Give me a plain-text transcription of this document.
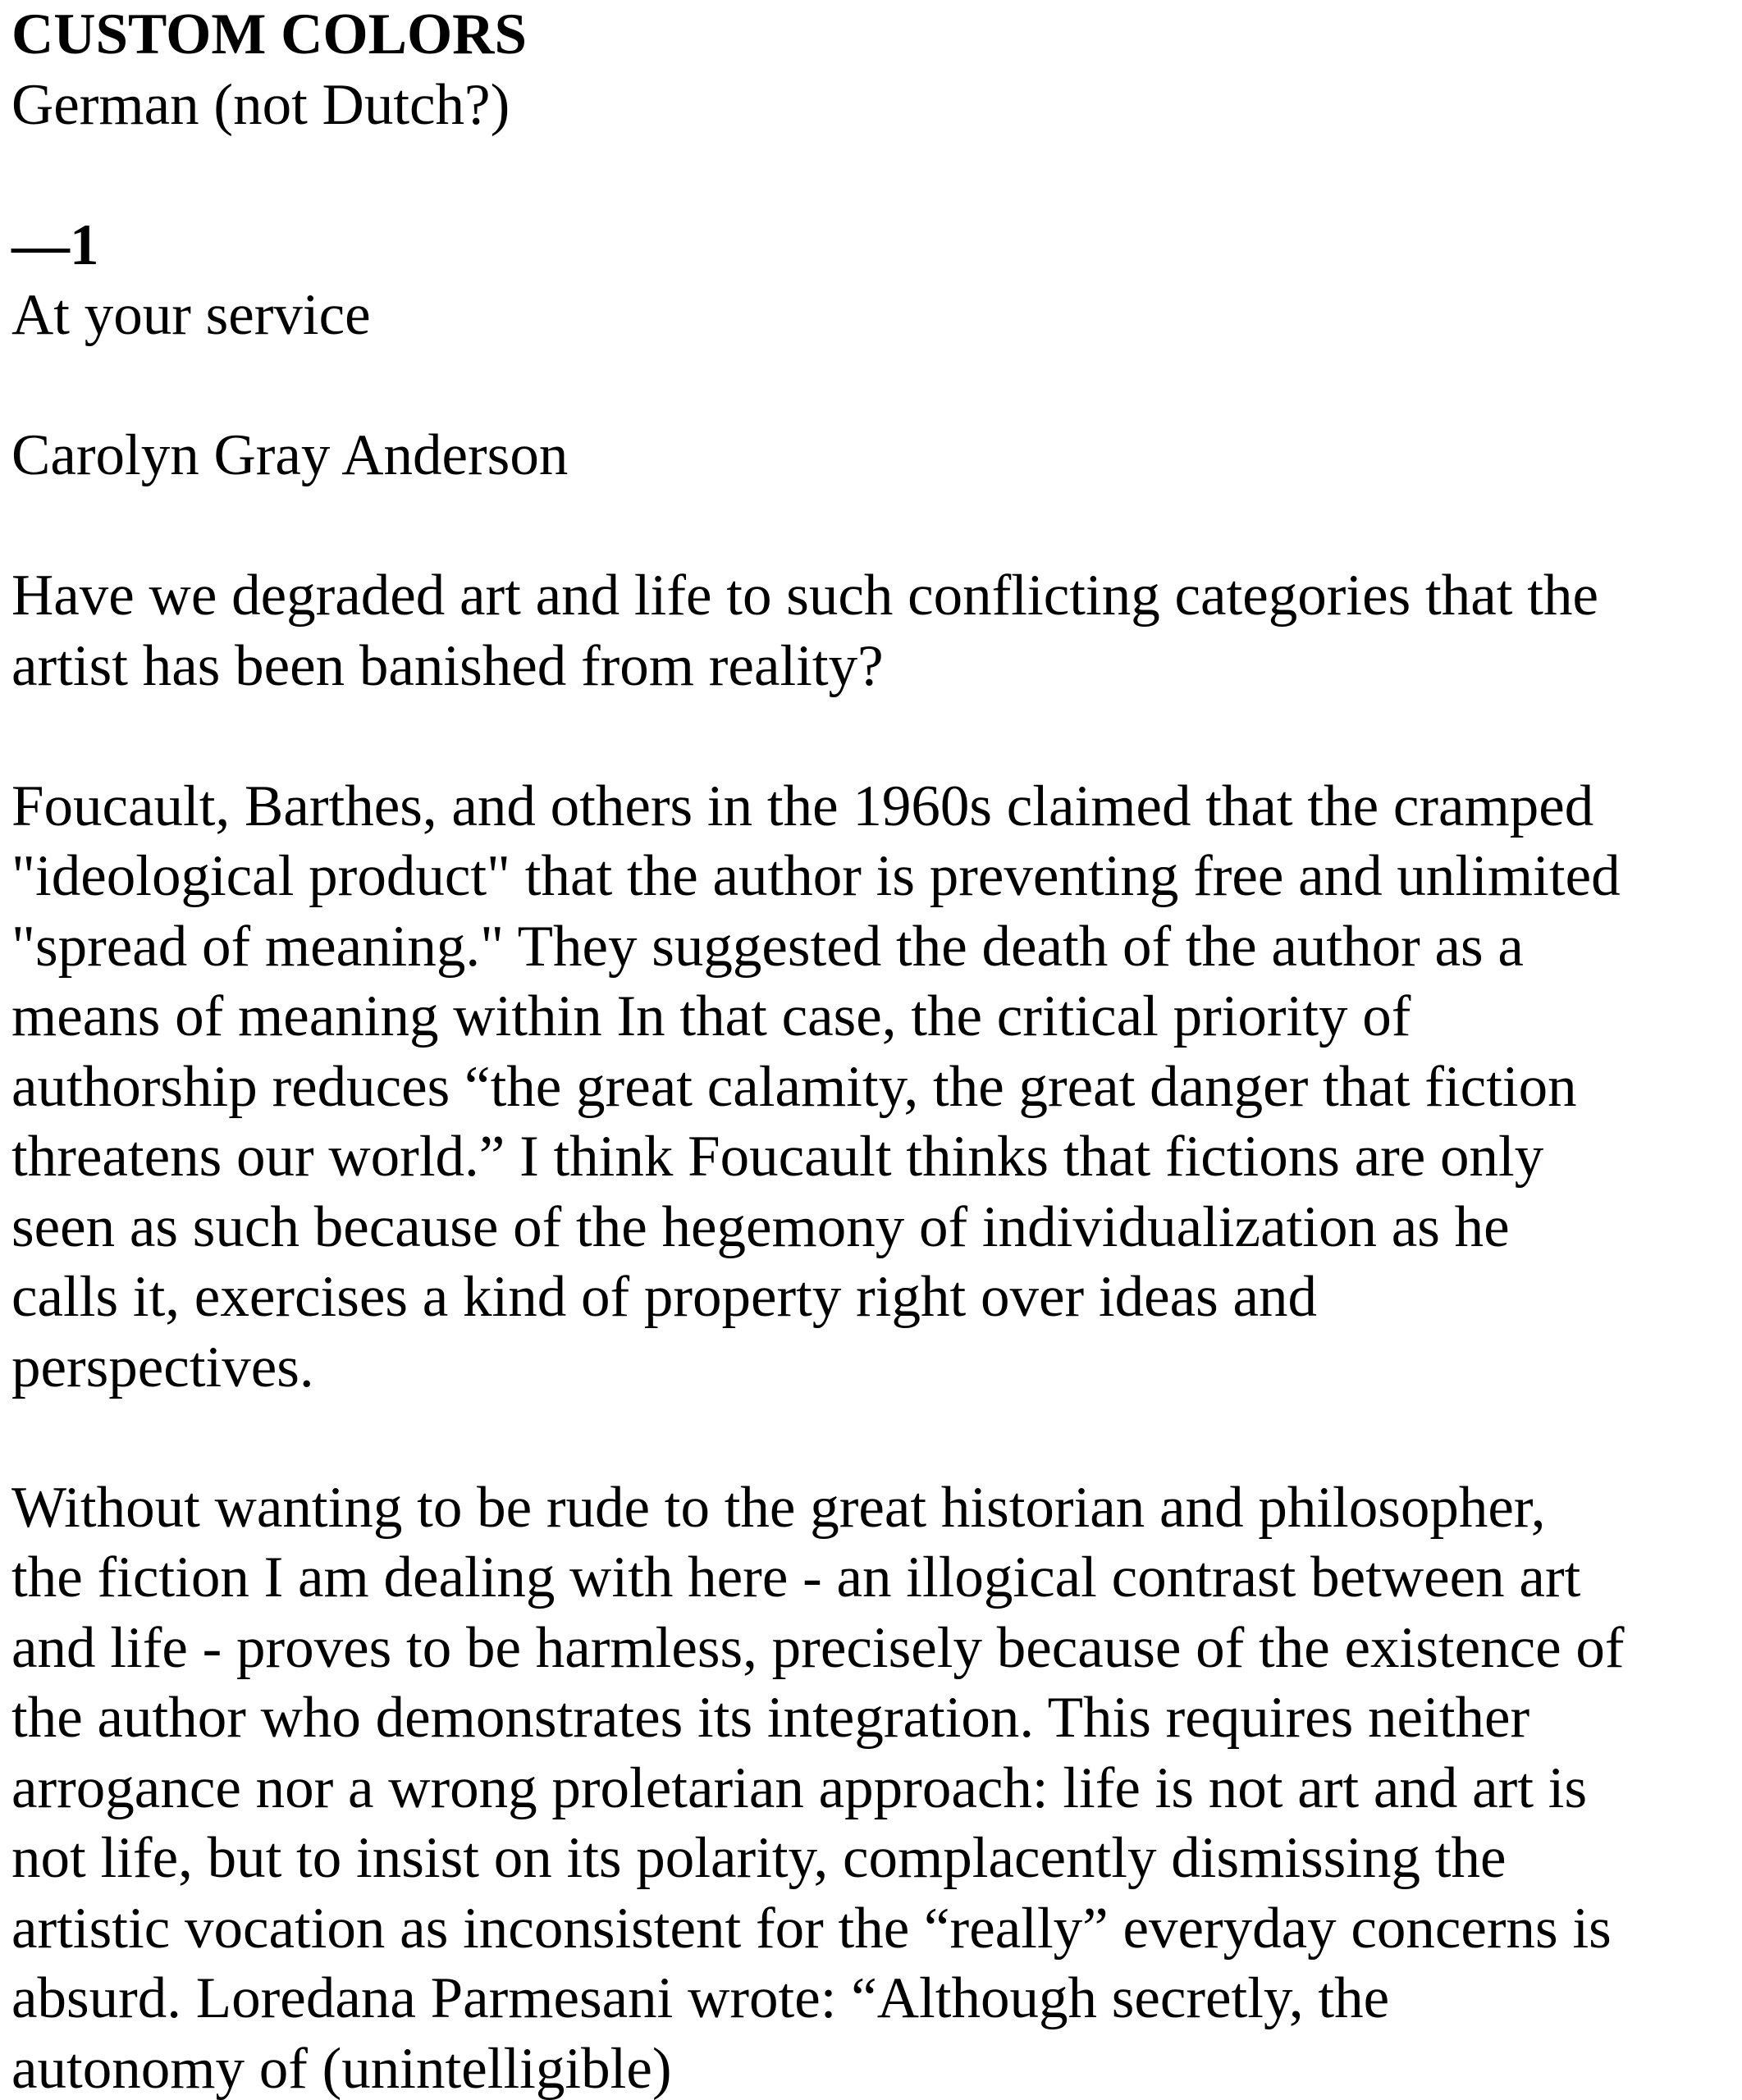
CUSTOM COLORS
German (not Dutch?)
—1
At your service
Carolyn Gray Anderson
Have we degraded art and life to such conflicting categories that the
artist has been banished from reality?
Foucault, Barthes, and others in the 1960s claimed that the cramped
"ideological product" that the author is preventing free and unlimited
"spread of meaning." They suggested the death of the author as a
means of meaning within In that case, the critical priority of
authorship reduces “the great calamity, the great danger that fiction
threatens our world.” I think Foucault thinks that fictions are only
seen as such because of the hegemony of individualization as he
calls it, exercises a kind of property right over ideas and
perspectives.
Without wanting to be rude to the great historian and philosopher,
the fiction I am dealing with here - an illogical contrast between art
and life - proves to be harmless, precisely because of the existence of
the author who demonstrates its integration. This requires neither
arrogance nor a wrong proletarian approach: life is not art and art is
not life, but to insist on its polarity, complacently dismissing the
artistic vocation as inconsistent for the “really” everyday concerns is
absurd. Loredana Parmesani wrote: “Although secretly, the
autonomy of (unintelligible)
